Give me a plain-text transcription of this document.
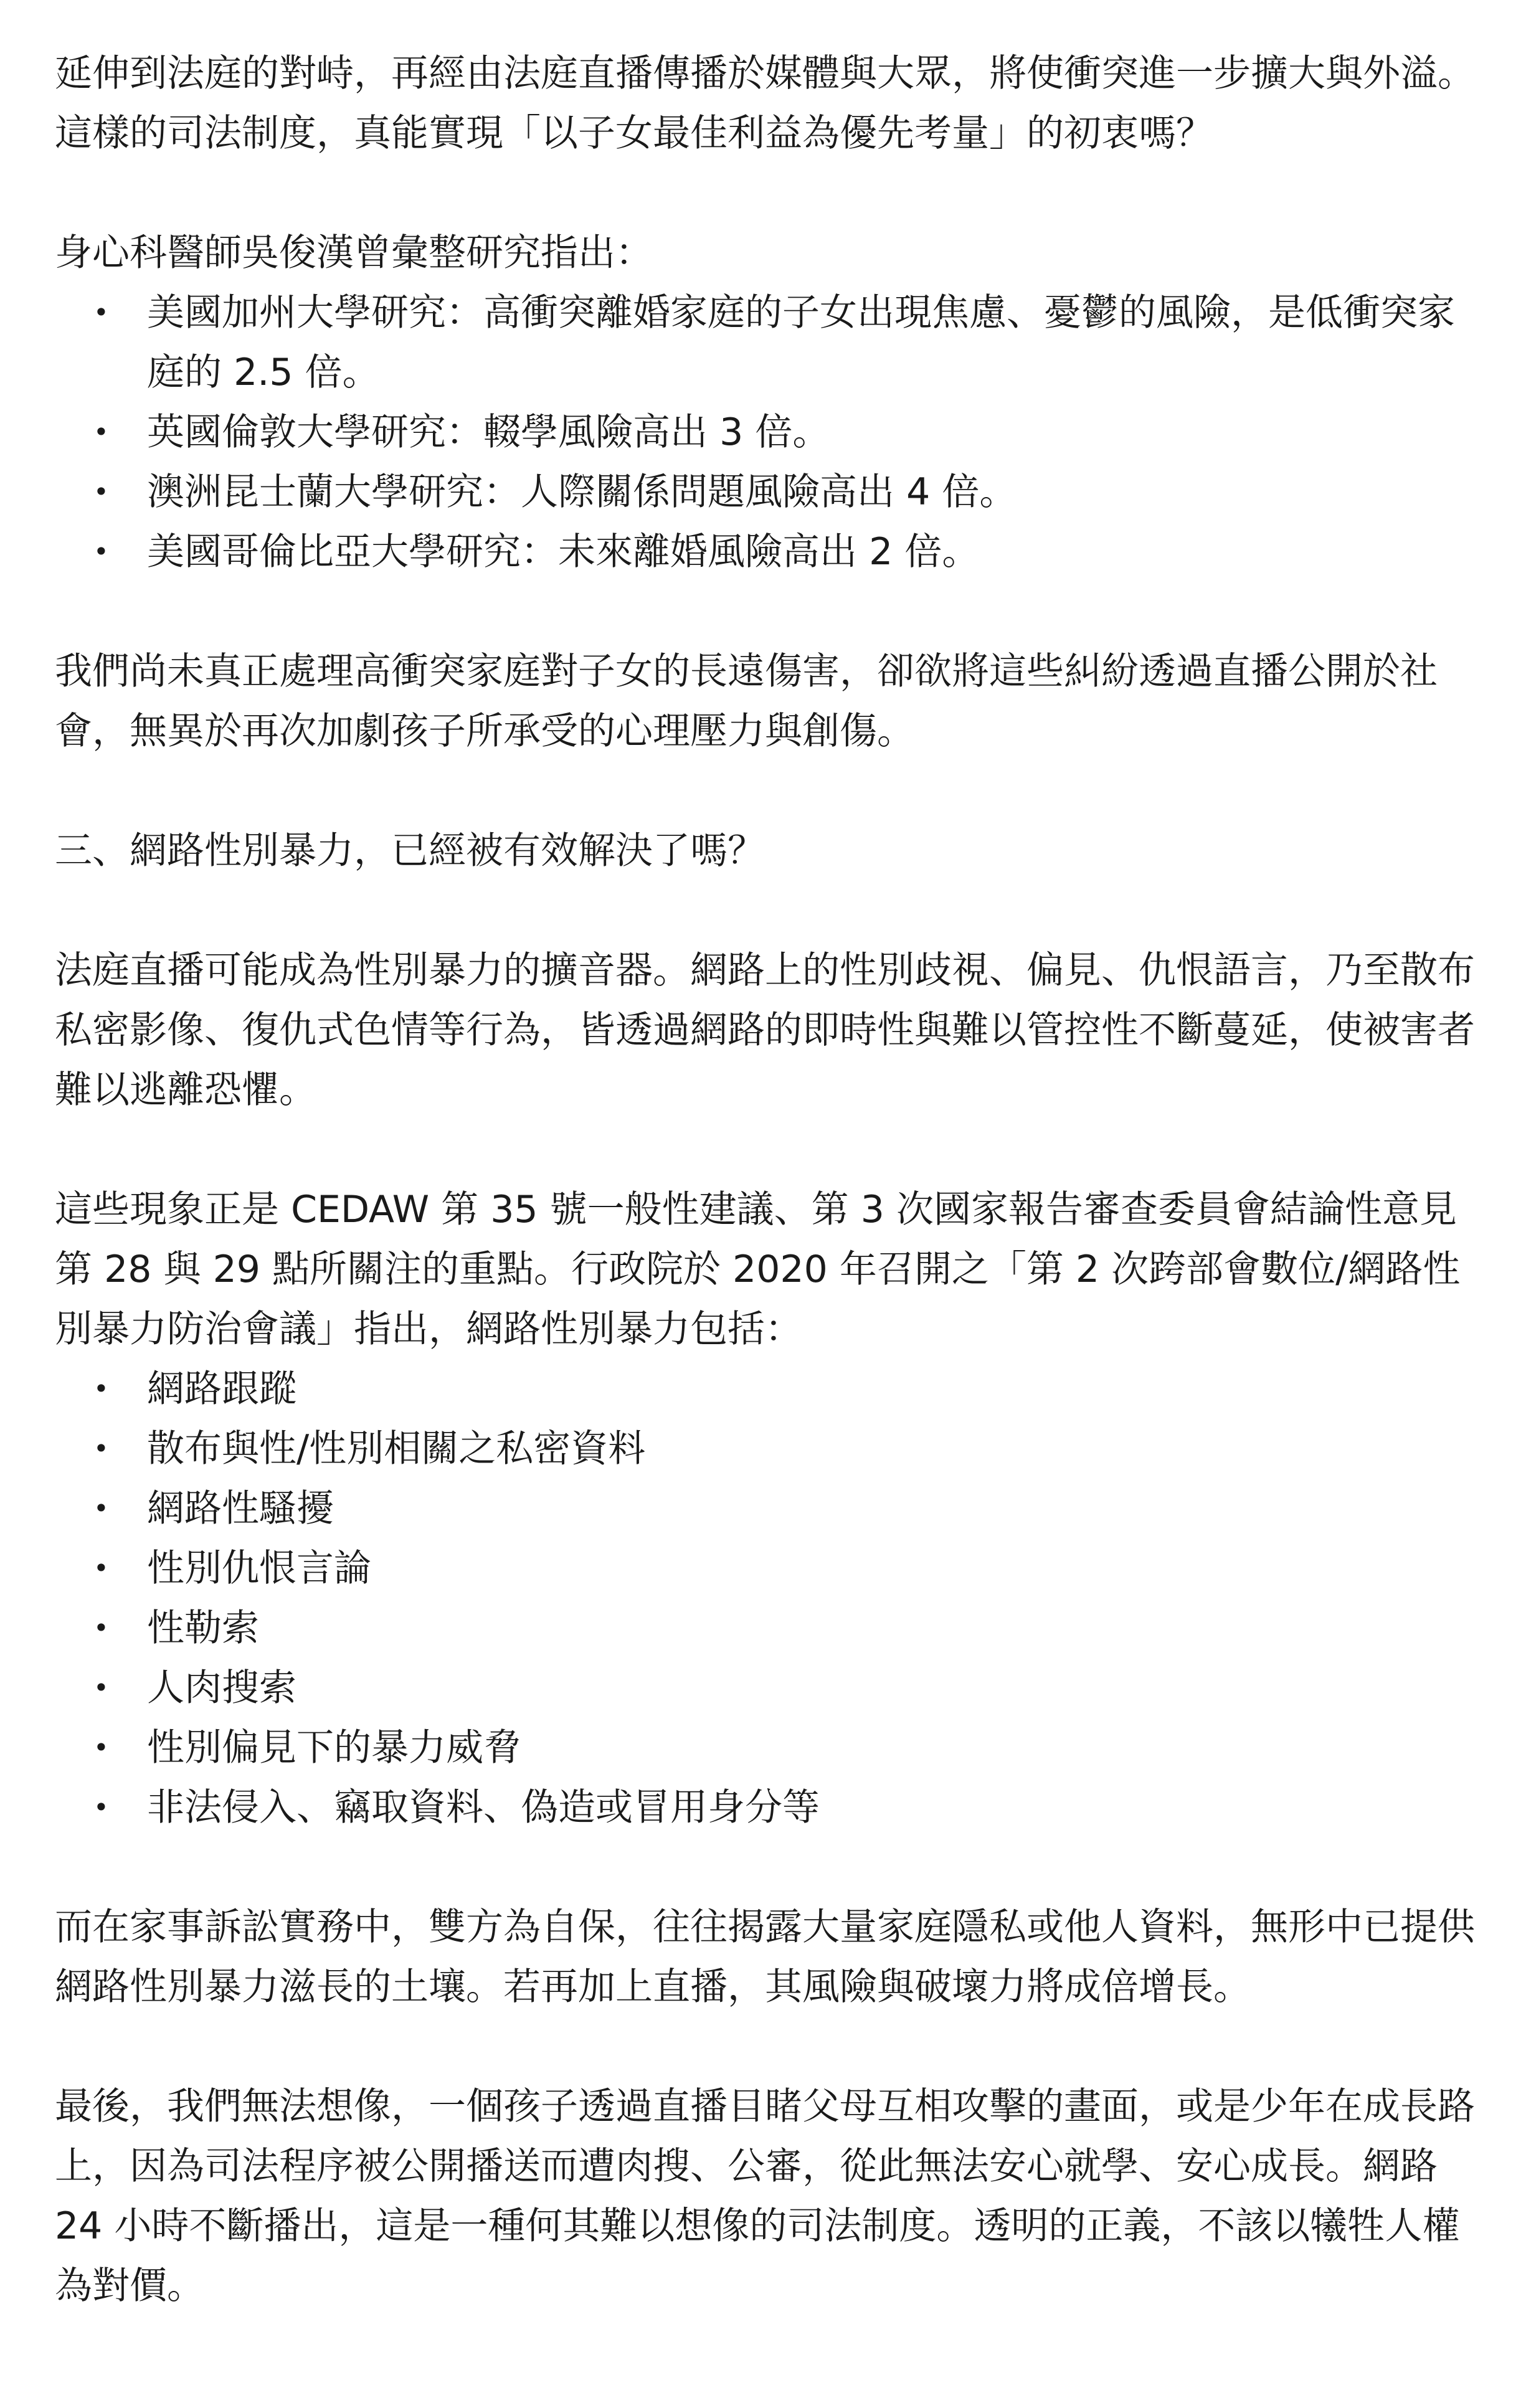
延伸到法庭的對峙，再經由法庭直播傳播於媒體與大眾，將使衝突進一步擴大與外溢。這樣的司法制度，真能實現「以子女最佳利益為優先考量」的初衷嗎？

身心科醫師吳俊漢曾彙整研究指出：

• 美國加州大學研究：高衝突離婚家庭的子女出現焦慮、憂鬱的風險，是低衝突家庭的 2.5 倍。
• 英國倫敦大學研究：輟學風險高出 3 倍。
• 澳洲昆士蘭大學研究：人際關係問題風險高出 4 倍。
• 美國哥倫比亞大學研究：未來離婚風險高出 2 倍。

我們尚未真正處理高衝突家庭對子女的長遠傷害，卻欲將這些糾紛透過直播公開於社會，無異於再次加劇孩子所承受的心理壓力與創傷。

三、網路性別暴力，已經被有效解決了嗎？

法庭直播可能成為性別暴力的擴音器。網路上的性別歧視、偏見、仇恨語言，乃至散布私密影像、復仇式色情等行為，皆透過網路的即時性與難以管控性不斷蔓延，使被害者難以逃離恐懼。

這些現象正是 CEDAW 第 35 號一般性建議、第 3 次國家報告審查委員會結論性意見第 28 與 29 點所關注的重點。行政院於 2020 年召開之「第 2 次跨部會數位/網路性別暴力防治會議」指出，網路性別暴力包括：

• 網路跟蹤
• 散布與性/性別相關之私密資料
• 網路性騷擾
• 性別仇恨言論
• 性勒索
• 人肉搜索
• 性別偏見下的暴力威脅
• 非法侵入、竊取資料、偽造或冒用身分等

而在家事訴訟實務中，雙方為自保，往往揭露大量家庭隱私或他人資料，無形中已提供網路性別暴力滋長的土壤。若再加上直播，其風險與破壞力將成倍增長。

最後，我們無法想像，一個孩子透過直播目睹父母互相攻擊的畫面，或是少年在成長路上，因為司法程序被公開播送而遭肉搜、公審，從此無法安心就學、安心成長。網路 24 小時不斷播出，這是一種何其難以想像的司法制度。透明的正義，不該以犧牲人權為對價。
